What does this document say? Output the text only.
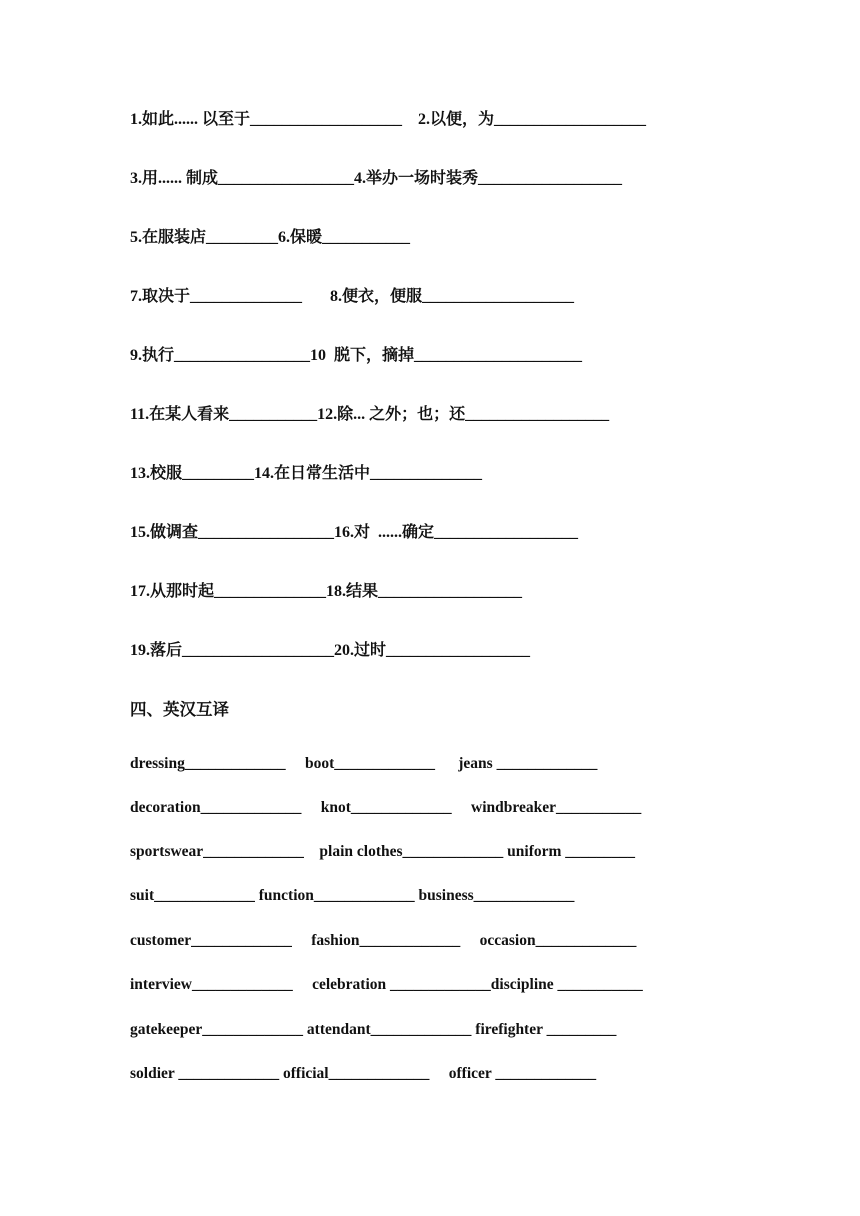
1.如此...... 以至于___________________    2.以便，为___________________
3.用...... 制成_________________4.举办一场时装秀__________________
5.在服装店_________6.保暖___________
7.取决于______________       8.便衣，便服___________________
9.执行_________________10  脱下，摘掉_____________________
11.在某人看来___________12.除... 之外；也；还__________________
13.校服_________14.在日常生活中______________
15.做调查_________________16.对  ......确定__________________
17.从那时起______________18.结果__________________
19.落后___________________20.过时__________________
四、英汉互译
dressing_____________     boot_____________      jeans _____________
decoration_____________     knot_____________     windbreaker___________
sportswear_____________    plain clothes_____________ uniform _________
suit_____________ function_____________ business_____________
customer_____________     fashion_____________     occasion_____________
interview_____________     celebration _____________discipline ___________
gatekeeper_____________ attendant_____________ firefighter _________
soldier _____________ official_____________     officer _____________
